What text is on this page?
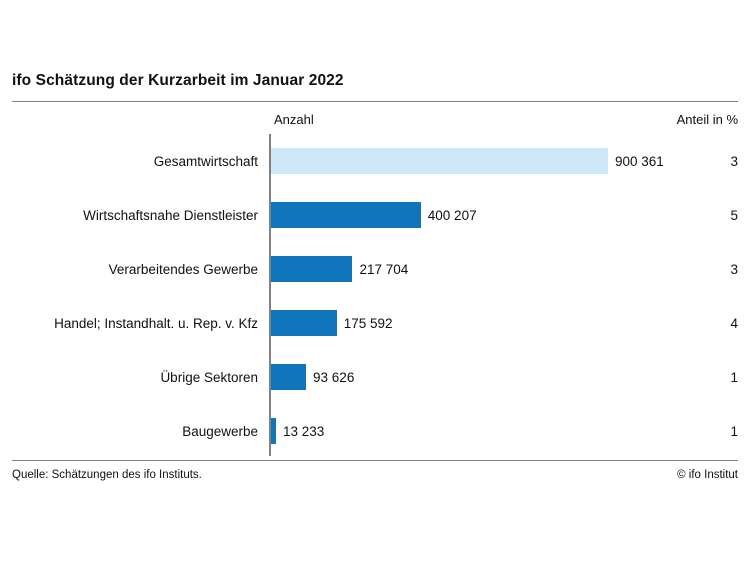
ifo Schätzung der Kurzarbeit im Januar 2022
Anzahl	Anteil in %
Gesamtwirtschaft	900 361	3
Wirtschaftsnahe Dienstleister	400 207	5
Verarbeitendes Gewerbe	217 704	3
Handel; Instandhalt. u. Rep. v. Kfz	175 592	4
Übrige Sektoren	93 626	1
Baugewerbe 13 233	1
Quelle: Schätzungen des ifo Instituts.	© ifo Institut
